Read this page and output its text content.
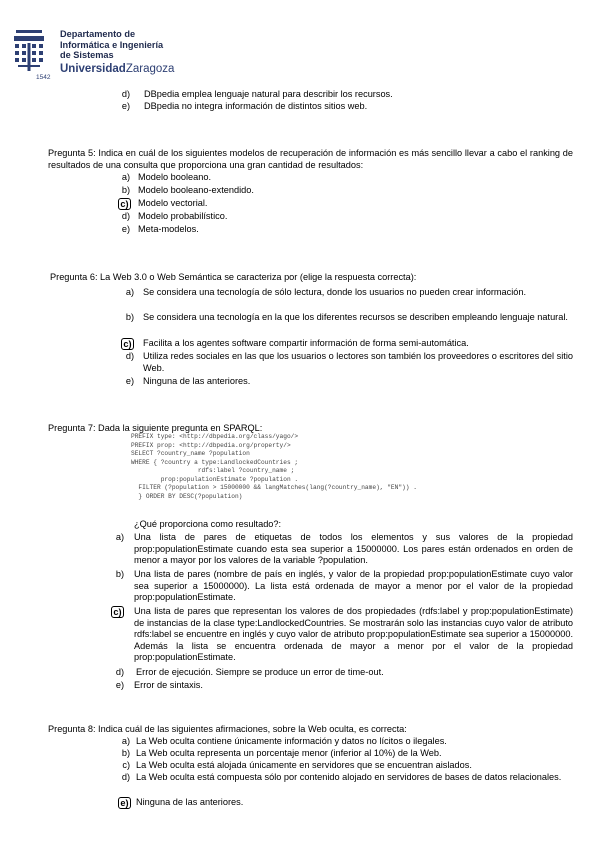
1542
Departamento de
Informática e Ingeniería
de Sistemas
UniversidadZaragoza
d) DBpedia emplea lenguaje natural para describir los recursos.
e) DBpedia no integra información de distintos sitios web.
Pregunta 5: Indica en cuál de los siguientes modelos de recuperación de información es más sencillo llevar a cabo el ranking de resultados de una consulta que proporciona una gran cantidad de resultados:
a) Modelo booleano.
b) Modelo booleano-extendido.
c) Modelo vectorial.
d) Modelo probabilístico.
e) Meta-modelos.
Pregunta 6: La Web 3.0 o Web Semántica se caracteriza por (elige la respuesta correcta):
a) Se considera una tecnología de sólo lectura, donde los usuarios no pueden crear información.
b) Se considera una tecnología en la que los diferentes recursos se describen empleando lenguaje natural.
c) Facilita a los agentes software compartir información de forma semi-automática.
d) Utiliza redes sociales en las que los usuarios o lectores son también los proveedores o escritores del sitio Web.
e) Ninguna de las anteriores.
Pregunta 7: Dada la siguiente pregunta en SPARQL:
PREFIX type: <http://dbpedia.org/class/yago/>
PREFIX prop: <http://dbpedia.org/property/>
SELECT ?country_name ?population
WHERE { ?country a type:LandlockedCountries ;
rdfs:label ?country_name ;
prop:populationEstimate ?population .
FILTER (?population > 15000000 && langMatches(lang(?country_name), "EN")) .
} ORDER BY DESC(?population)
¿Qué proporciona como resultado?:
a) Una lista de pares de etiquetas de todos los elementos y sus valores de la propiedad prop:populationEstimate cuando esta sea superior a 15000000. Los pares están ordenados en orden de menor a mayor por los valores de la variable ?population.
b) Una lista de pares (nombre de país en inglés, y valor de la propiedad prop:populationEstimate cuyo valor sea superior a 15000000). La lista está ordenada de mayor a menor por el valor de la propiedad prop:populationEstimate.
c) Una lista de pares que representan los valores de dos propiedades (rdfs:label y prop:populationEstimate) de instancias de la clase type:LandlockedCountries. Se mostrarán solo las instancias cuyo valor de atributo rdfs:label se encuentre en inglés y cuyo valor de atributo prop:populationEstimate sea superior a 15000000. Además la lista se encuentra ordenada de mayor a menor por el valor de la propiedad prop:populationEstimate.
d) Error de ejecución. Siempre se produce un error de time-out.
e) Error de sintaxis.
Pregunta 8: Indica cuál de las siguientes afirmaciones, sobre la Web oculta, es correcta:
a) La Web oculta contiene únicamente información y datos no lícitos o ilegales.
b) La Web oculta representa un porcentaje menor (inferior al 10%) de la Web.
c) La Web oculta está alojada únicamente en servidores que se encuentran aislados.
d) La Web oculta está compuesta sólo por contenido alojado en servidores de bases de datos relacionales.
e) Ninguna de las anteriores.
